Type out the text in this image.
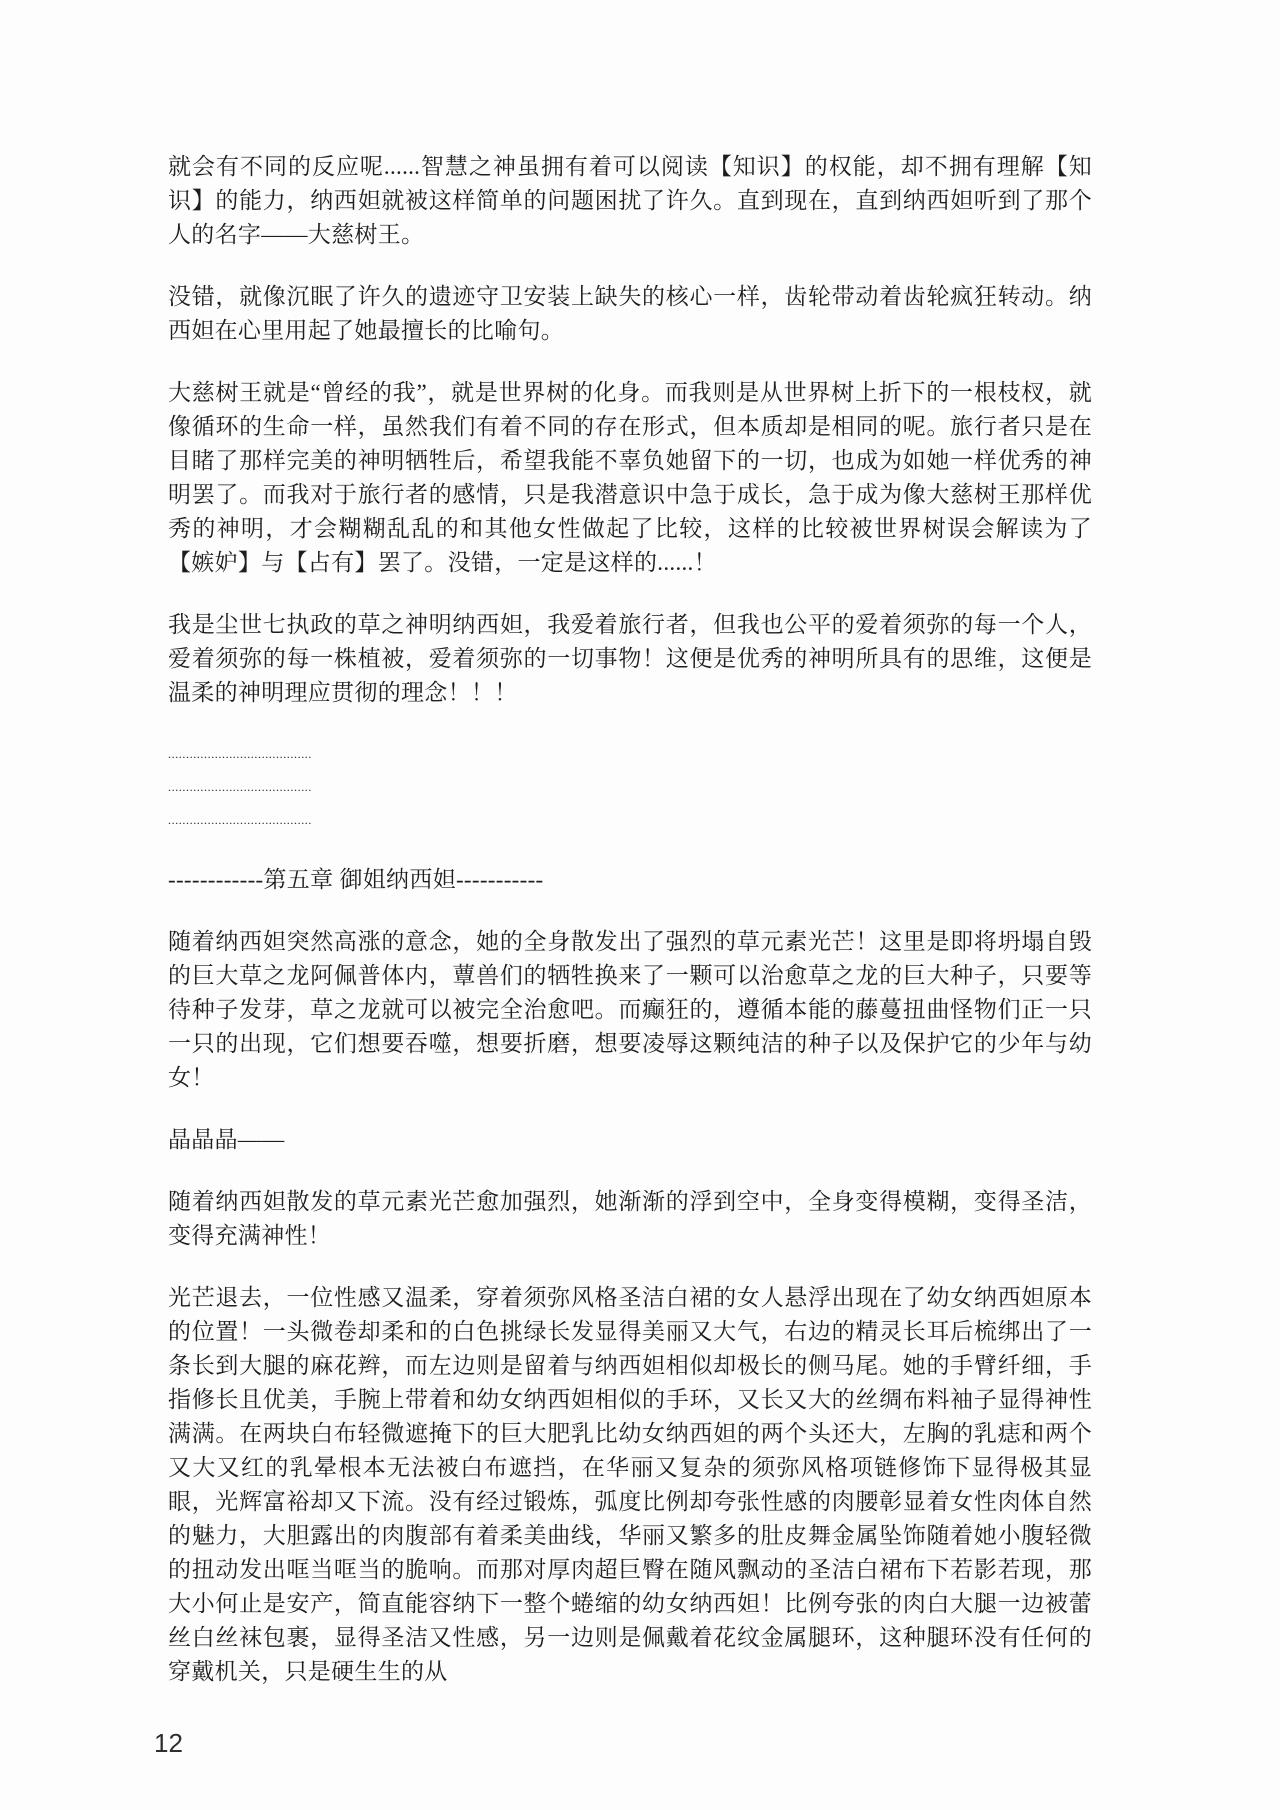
就会有不同的反应呢......智慧之神虽拥有着可以阅读【知识】的权能，却不拥有理解【知识】的能力，纳西妲就被这样简单的问题困扰了许久。直到现在，直到纳西妲听到了那个人的名字——大慈树王。

没错，就像沉眠了许久的遗迹守卫安装上缺失的核心一样，齿轮带动着齿轮疯狂转动。纳西妲在心里用起了她最擅长的比喻句。

大慈树王就是“曾经的我”，就是世界树的化身。而我则是从世界树上折下的一根枝杈，就像循环的生命一样，虽然我们有着不同的存在形式，但本质却是相同的呢。旅行者只是在目睹了那样完美的神明牺牲后，希望我能不辜负她留下的一切，也成为如她一样优秀的神明罢了。而我对于旅行者的感情，只是我潜意识中急于成长，急于成为像大慈树王那样优秀的神明，才会糊糊乱乱的和其他女性做起了比较，这样的比较被世界树误会解读为了【嫉妒】与【占有】罢了。没错，一定是这样的......！

我是尘世七执政的草之神明纳西妲，我爱着旅行者，但我也公平的爱着须弥的每一个人，爱着须弥的每一株植被，爱着须弥的一切事物！这便是优秀的神明所具有的思维，这便是温柔的神明理应贯彻的理念！！！

........................................
........................................
........................................

------------第五章 御姐纳西妲-----------

随着纳西妲突然高涨的意念，她的全身散发出了强烈的草元素光芒！这里是即将坍塌自毁的巨大草之龙阿佩普体内，蕈兽们的牺牲换来了一颗可以治愈草之龙的巨大种子，只要等待种子发芽，草之龙就可以被完全治愈吧。而癫狂的，遵循本能的藤蔓扭曲怪物们正一只一只的出现，它们想要吞噬，想要折磨，想要凌辱这颗纯洁的种子以及保护它的少年与幼女！

晶晶晶——

随着纳西妲散发的草元素光芒愈加强烈，她渐渐的浮到空中，全身变得模糊，变得圣洁，变得充满神性！

光芒退去，一位性感又温柔，穿着须弥风格圣洁白裙的女人悬浮出现在了幼女纳西妲原本的位置！一头微卷却柔和的白色挑绿长发显得美丽又大气，右边的精灵长耳后梳绑出了一条长到大腿的麻花辫，而左边则是留着与纳西妲相似却极长的侧马尾。她的手臂纤细，手指修长且优美，手腕上带着和幼女纳西妲相似的手环，又长又大的丝绸布料袖子显得神性满满。在两块白布轻微遮掩下的巨大肥乳比幼女纳西妲的两个头还大，左胸的乳痣和两个又大又红的乳晕根本无法被白布遮挡，在华丽又复杂的须弥风格项链修饰下显得极其显眼，光辉富裕却又下流。没有经过锻炼，弧度比例却夸张性感的肉腰彰显着女性肉体自然的魅力，大胆露出的肉腹部有着柔美曲线，华丽又繁多的肚皮舞金属坠饰随着她小腹轻微的扭动发出哐当哐当的脆响。而那对厚肉超巨臀在随风飘动的圣洁白裙布下若影若现，那大小何止是安产，简直能容纳下一整个蜷缩的幼女纳西妲！比例夸张的肉白大腿一边被蕾丝白丝袜包裹，显得圣洁又性感，另一边则是佩戴着花纹金属腿环，这种腿环没有任何的穿戴机关，只是硬生生的从

12
